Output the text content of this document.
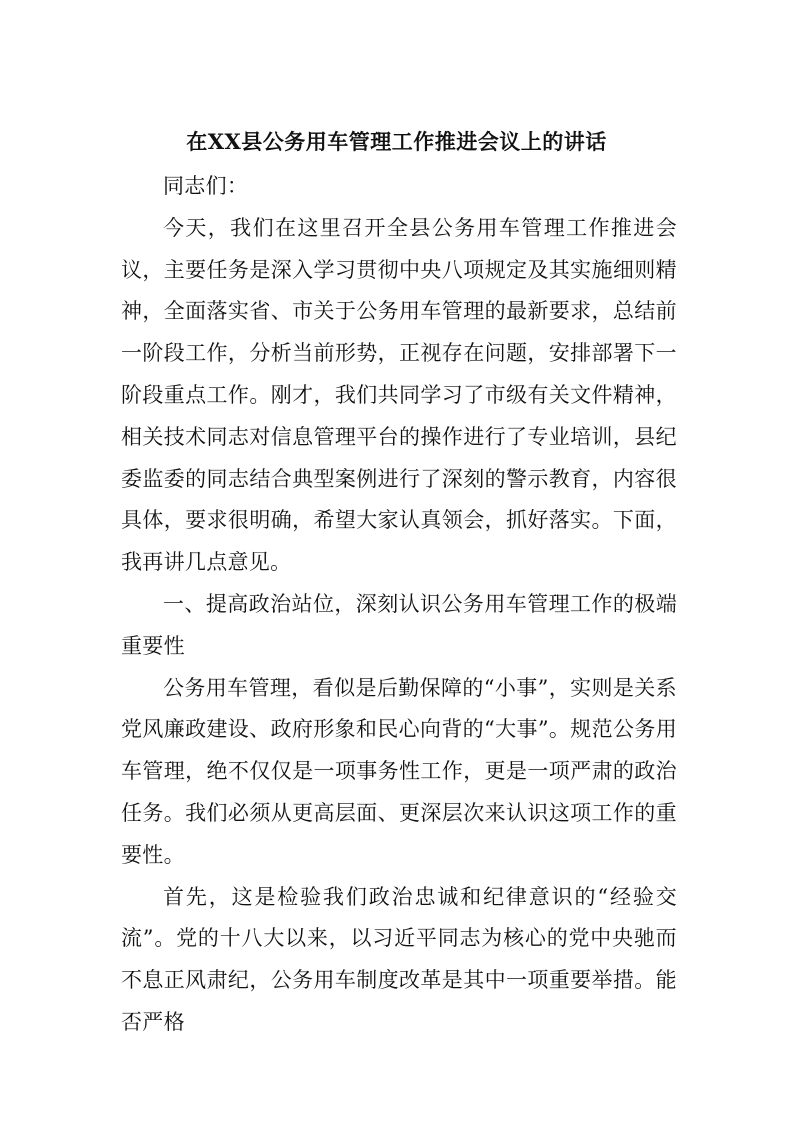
在XX县公务用车管理工作推进会议上的讲话

同志们：

今天，我们在这里召开全县公务用车管理工作推进会议，主要任务是深入学习贯彻中央八项规定及其实施细则精神，全面落实省、市关于公务用车管理的最新要求，总结前一阶段工作，分析当前形势，正视存在问题，安排部署下一阶段重点工作。刚才，我们共同学习了市级有关文件精神，相关技术同志对信息管理平台的操作进行了专业培训，县纪委监委的同志结合典型案例进行了深刻的警示教育，内容很具体，要求很明确，希望大家认真领会，抓好落实。下面，我再讲几点意见。

一、提高政治站位，深刻认识公务用车管理工作的极端重要性

公务用车管理，看似是后勤保障的“小事”，实则是关系党风廉政建设、政府形象和民心向背的“大事”。规范公务用车管理，绝不仅仅是一项事务性工作，更是一项严肃的政治任务。我们必须从更高层面、更深层次来认识这项工作的重要性。

首先，这是检验我们政治忠诚和纪律意识的“经验交流”。党的十八大以来，以习近平同志为核心的党中央驰而不息正风肃纪，公务用车制度改革是其中一项重要举措。能否严格
